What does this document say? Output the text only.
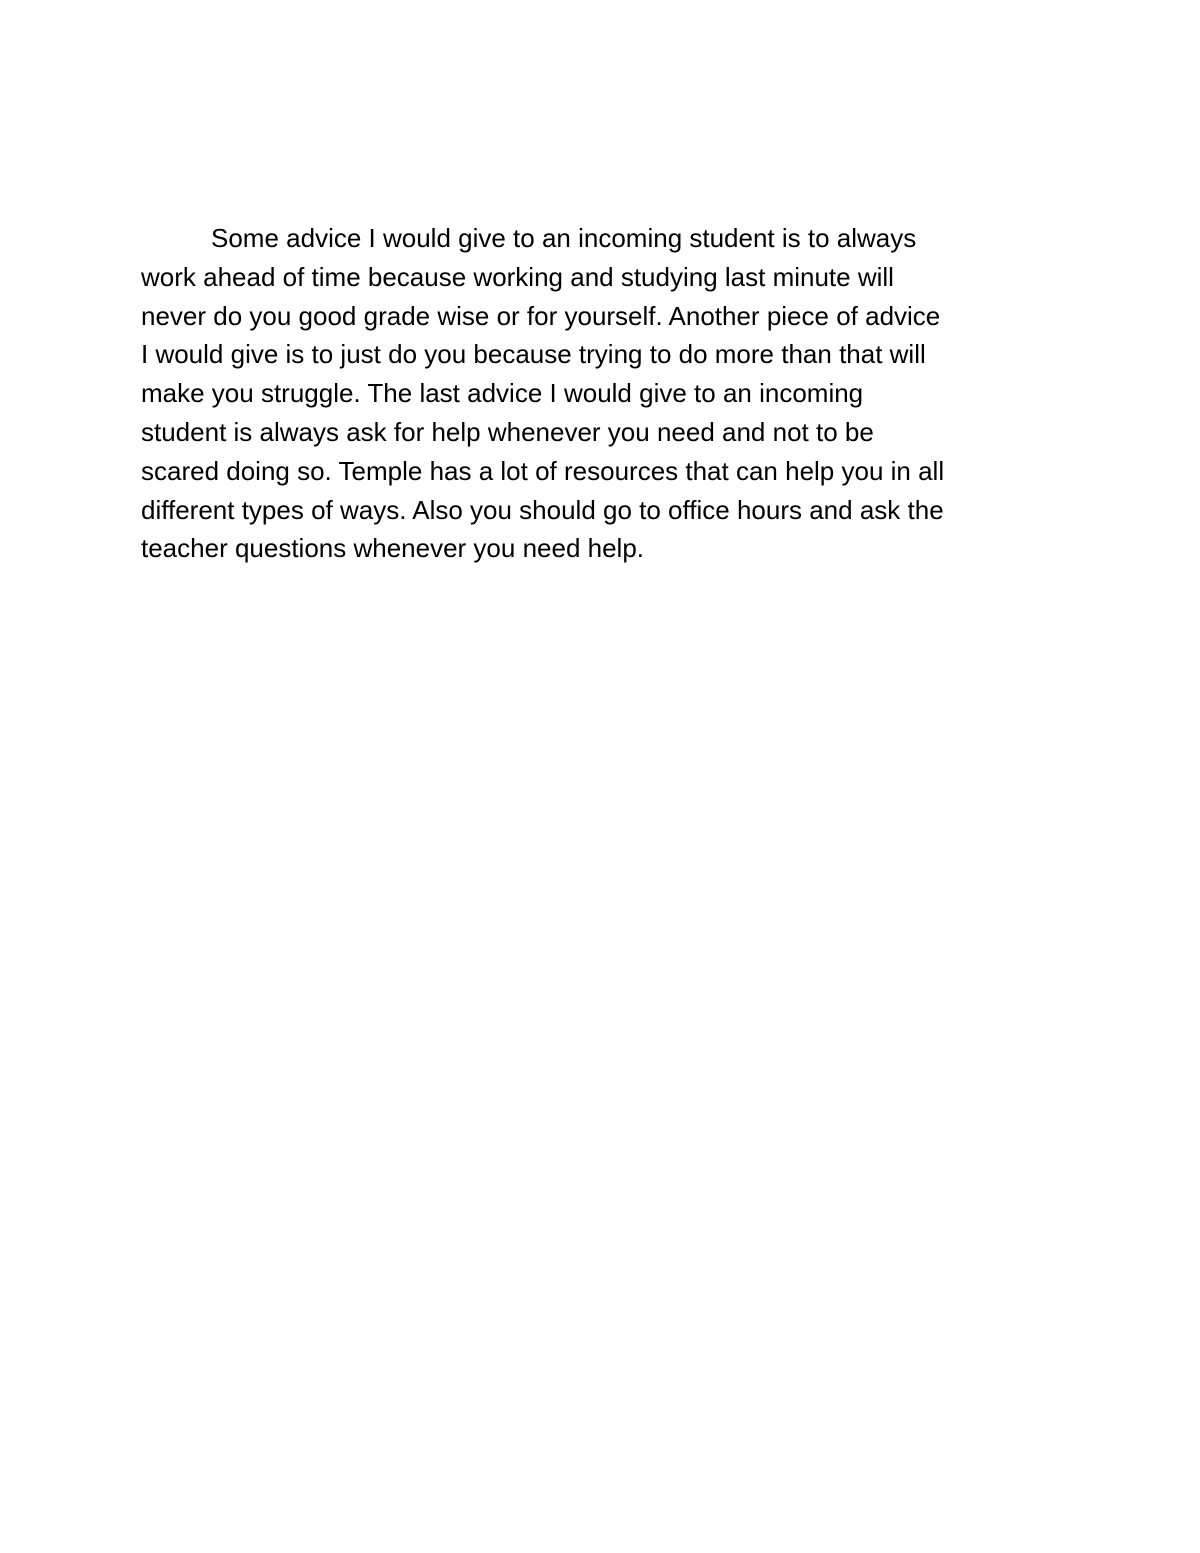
Some advice I would give to an incoming student is to always
work ahead of time because working and studying last minute will
never do you good grade wise or for yourself. Another piece of advice
I would give is to just do you because trying to do more than that will
make you struggle. The last advice I would give to an incoming
student is always ask for help whenever you need and not to be
scared doing so. Temple has a lot of resources that can help you in all
different types of ways. Also you should go to office hours and ask the
teacher questions whenever you need help.
